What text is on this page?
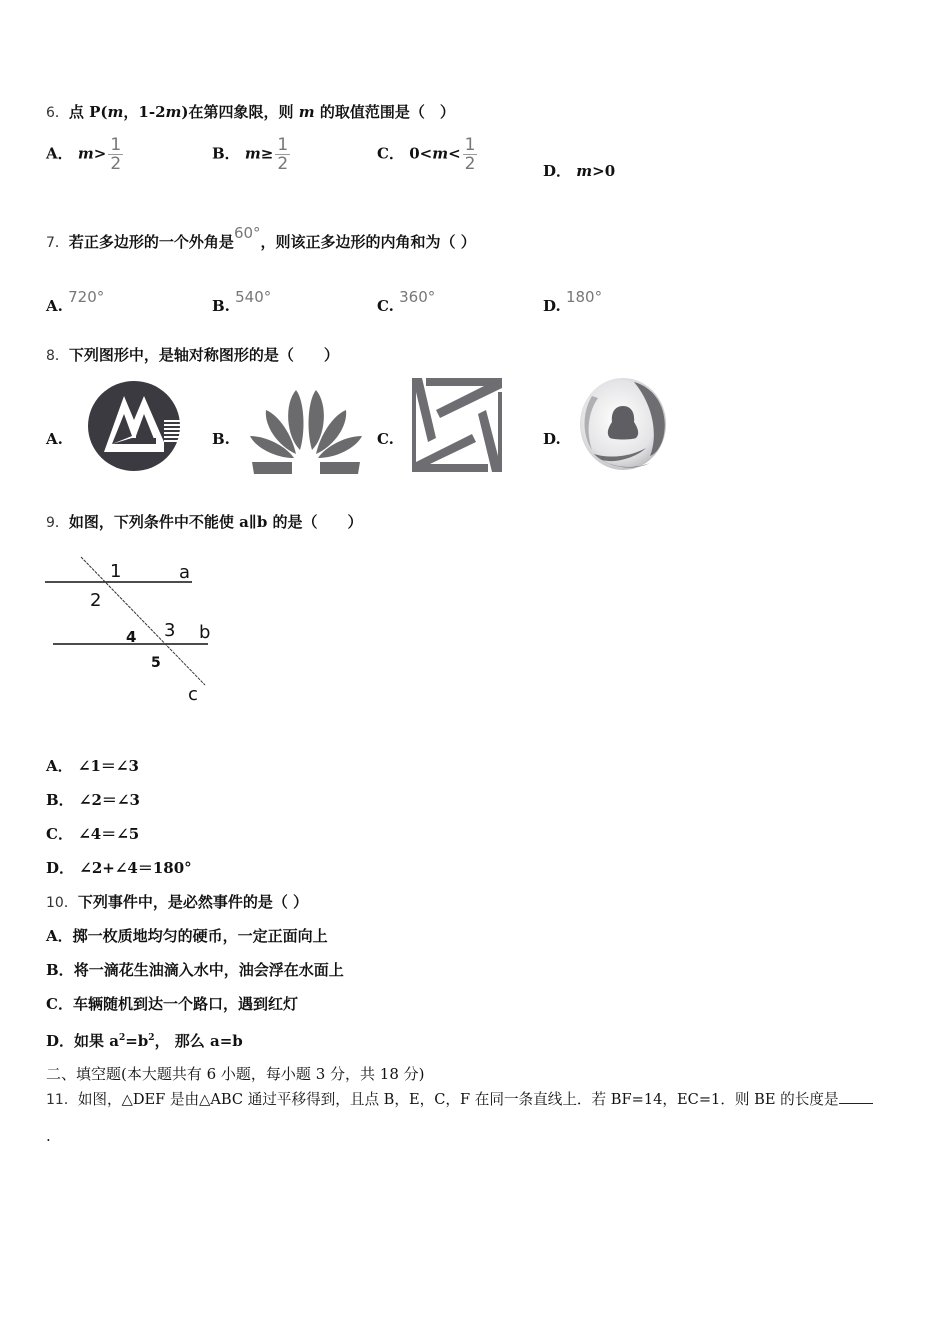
6．点 P(m，1-2m)在第四象限，则 m 的取值范围是（　）
A． $m> \frac{1}{2}$	B． $m\ge \frac{1}{2}$	C． $0<m< \frac{1}{2}$	D． m>0
7．若正多边形的一个外角是60°，则该正多边形的内角和为（ ）
A. 720°	B. 540°	C. 360°	D. 180°
8．下列图形中，是轴对称图形的是（　　）
A.	B.	C.	D.
9．如图，下列条件中不能使 a∥b 的是（　　）
1
2
3
4
5
a
b
c
A． ∠1＝∠3
B． ∠2＝∠3
C． ∠4＝∠5
D． ∠2+∠4＝180°
10．下列事件中，是必然事件的是（ ）
A．掷一枚质地均匀的硬币，一定正面向上
B．将一滴花生油滴入水中，油会浮在水面上
C．车辆随机到达一个路口，遇到红灯
D．如果 $a^2=b^2$， 那么 a=b
二、填空题(本大题共有 6 小题，每小题 3 分，共 18 分)
11．如图，△DEF 是由△ABC 通过平移得到，且点 B，E，C，F 在同一条直线上．若 BF=14，EC=1．则 BE 的长度是
.
